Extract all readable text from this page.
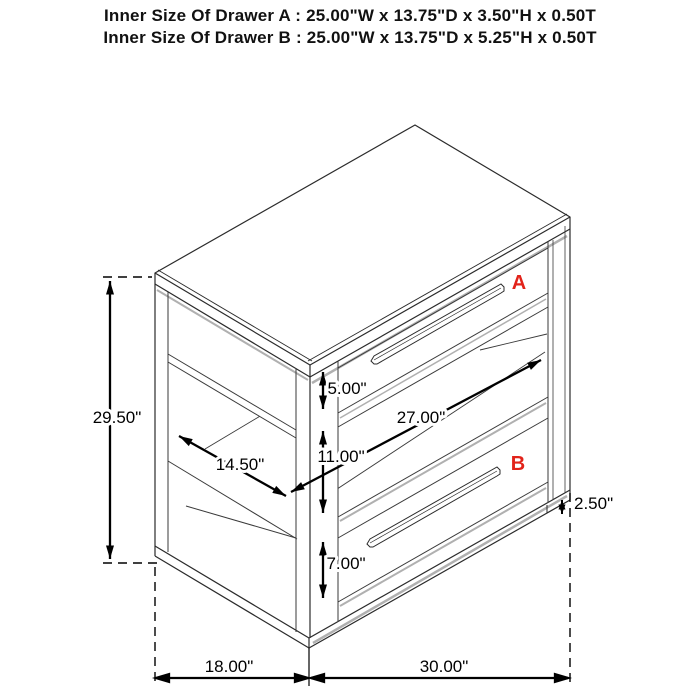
Inner Size Of Drawer A : 25.00"W x 13.75"D x 3.50"H x 0.50T
Inner Size Of Drawer B : 25.00"W x 13.75"D x 5.25"H x 0.50T
29.50"
14.50"
5.00"
27.00"
11.00"
7.00"
2.50"
18.00"	30.00"
A
B
